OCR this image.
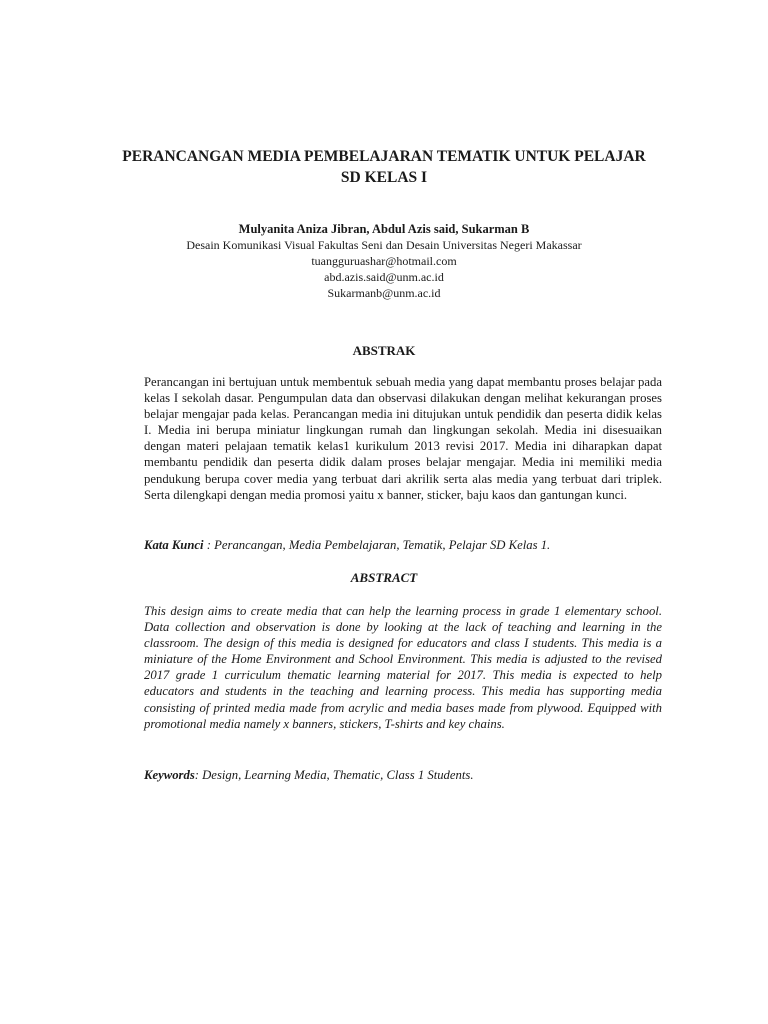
PERANCANGAN MEDIA PEMBELAJARAN TEMATIK UNTUK PELAJAR
SD KELAS I
Mulyanita Aniza Jibran, Abdul Azis said, Sukarman B
Desain Komunikasi Visual Fakultas Seni dan Desain Universitas Negeri Makassar
tuangguruashar@hotmail.com
abd.azis.said@unm.ac.id
Sukarmanb@unm.ac.id
ABSTRAK
Perancangan ini bertujuan untuk membentuk sebuah media yang dapat membantu proses belajar pada kelas I sekolah dasar. Pengumpulan data dan observasi dilakukan dengan melihat kekurangan proses belajar mengajar pada kelas. Perancangan media ini ditujukan untuk pendidik dan peserta didik kelas I. Media ini berupa miniatur lingkungan rumah dan lingkungan sekolah. Media ini disesuaikan dengan materi pelajaan tematik kelas1 kurikulum 2013 revisi 2017. Media ini diharapkan dapat membantu pendidik dan peserta didik dalam proses belajar mengajar. Media ini memiliki media pendukung berupa cover media yang terbuat dari akrilik serta alas media yang terbuat dari triplek. Serta dilengkapi dengan media promosi yaitu x banner, sticker, baju kaos dan gantungan kunci.
Kata Kunci : Perancangan, Media Pembelajaran, Tematik, Pelajar SD Kelas 1.
ABSTRACT
This design aims to create media that can help the learning process in grade 1 elementary school. Data collection and observation is done by looking at the lack of teaching and learning in the classroom. The design of this media is designed for educators and class I students. This media is a miniature of the Home Environment and School Environment. This media is adjusted to the revised 2017 grade 1 curriculum thematic learning material for 2017. This media is expected to help educators and students in the teaching and learning process. This media has supporting media consisting of printed media made from acrylic and media bases made from plywood. Equipped with promotional media namely x banners, stickers, T-shirts and key chains.
Keywords: Design, Learning Media, Thematic, Class 1 Students.
